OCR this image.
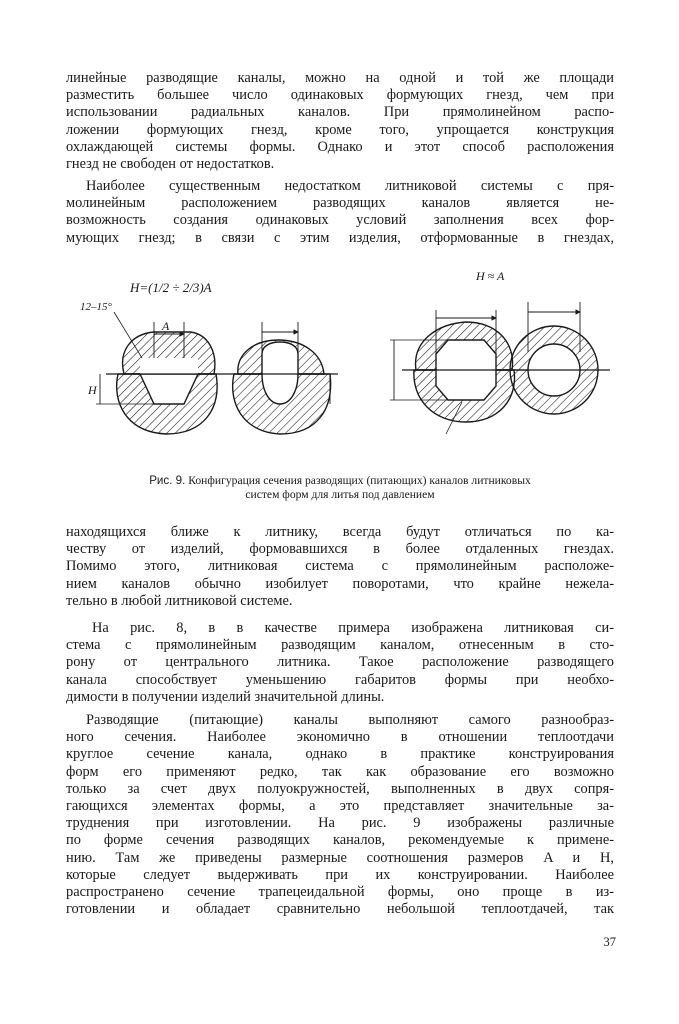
линейные разводящие каналы, можно на одной и той же площади
разместить большее число одинаковых формующих гнезд, чем при
использовании радиальных каналов. При прямолинейном распо-
ложении формующих гнезд, кроме того, упрощается конструкция
охлаждающей системы формы. Однако и этот способ расположения
гнезд не свободен от недостатков.
Наиболее существенным недостатком литниковой системы с пря-
молинейным расположением разводящих каналов является не-
возможность создания одинаковых условий заполнения всех фор-
мующих гнезд; в связи с этим изделия, отформованные в гнездах,
H=(1/2 ÷ 2/3)A
H ≈ A
A
H
12–15°
Рис. 9. Конфигурация сечения разводящих (питающих) каналов литниковых
систем форм для литья под давлением
находящихся ближе к литнику, всегда будут отличаться по ка-
честву от изделий, формовавшихся в более отдаленных гнездах.
Помимо этого, литниковая система с прямолинейным расположе-
нием каналов обычно изобилует поворотами, что крайне нежела-
тельно в любой литниковой системе.
На рис. 8, в в качестве примера изображена литниковая си-
стема с прямолинейным разводящим каналом, отнесенным в сто-
рону от центрального литника. Такое расположение разводящего
канала способствует уменьшению габаритов формы при необхо-
димости в получении изделий значительной длины.
Разводящие (питающие) каналы выполняют самого разнообраз-
ного сечения. Наиболее экономично в отношении теплоотдачи
круглое сечение канала, однако в практике конструирования
форм его применяют редко, так как образование его возможно
только за счет двух полуокружностей, выполненных в двух сопря-
гающихся элементах формы, а это представляет значительные за-
труднения при изготовлении. На рис. 9 изображены различные
по форме сечения разводящих каналов, рекомендуемые к примене-
нию. Там же приведены размерные соотношения размеров A и H,
которые следует выдерживать при их конструировании. Наиболее
распространено сечение трапецеидальной формы, оно проще в из-
готовлении и обладает сравнительно небольшой теплоотдачей, так
37
